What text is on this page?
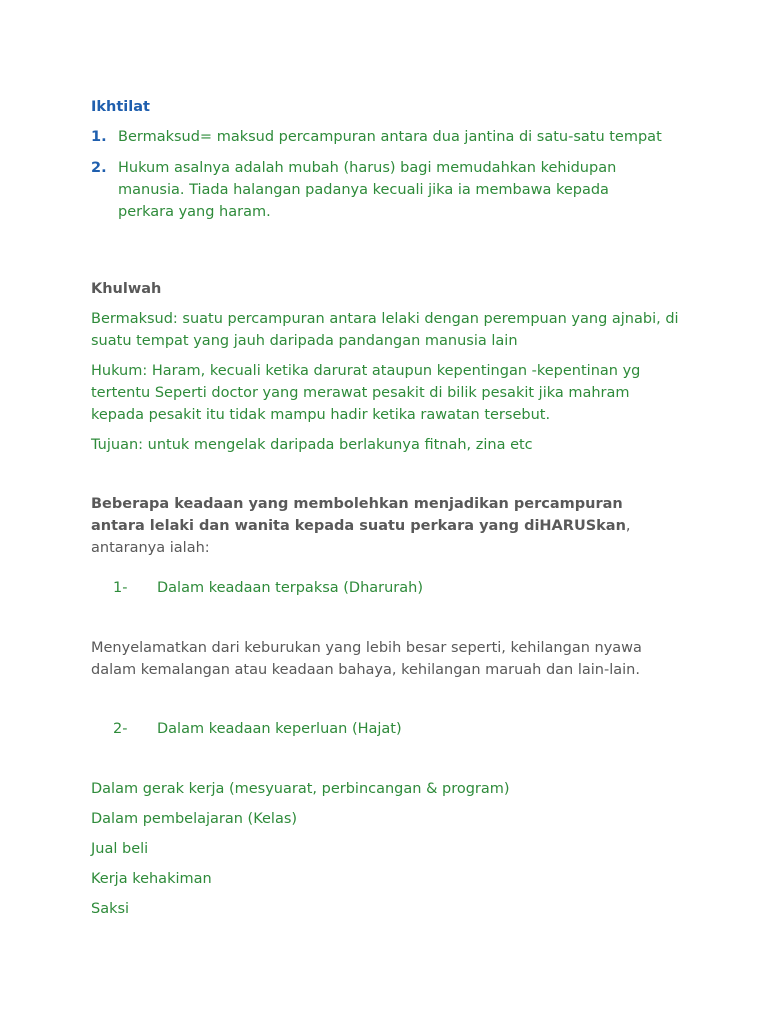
Ikhtilat

1. Bermaksud= maksud percampuran antara dua jantina di satu-satu tempat
2. Hukum asalnya adalah mubah (harus) bagi memudahkan kehidupan manusia. Tiada halangan padanya kecuali jika ia membawa kepada perkara yang haram.

Khulwah

Bermaksud: suatu percampuran antara lelaki dengan perempuan yang ajnabi, di suatu tempat yang jauh daripada pandangan manusia lain

Hukum: Haram, kecuali ketika darurat ataupun kepentingan -kepentinan yg tertentu Seperti doctor yang merawat pesakit di bilik pesakit jika mahram kepada pesakit itu tidak mampu hadir ketika rawatan tersebut.

Tujuan: untuk mengelak daripada berlakunya fitnah, zina etc

Beberapa keadaan yang membolehkan menjadikan percampuran antara lelaki dan wanita kepada suatu perkara yang diHARUSkan, antaranya ialah:

1- Dalam keadaan terpaksa (Dharurah)

Menyelamatkan dari keburukan yang lebih besar seperti, kehilangan nyawa dalam kemalangan atau keadaan bahaya, kehilangan maruah dan lain-lain.

2- Dalam keadaan keperluan (Hajat)

Dalam gerak kerja (mesyuarat, perbincangan & program)

Dalam pembelajaran (Kelas)

Jual beli

Kerja kehakiman

Saksi
